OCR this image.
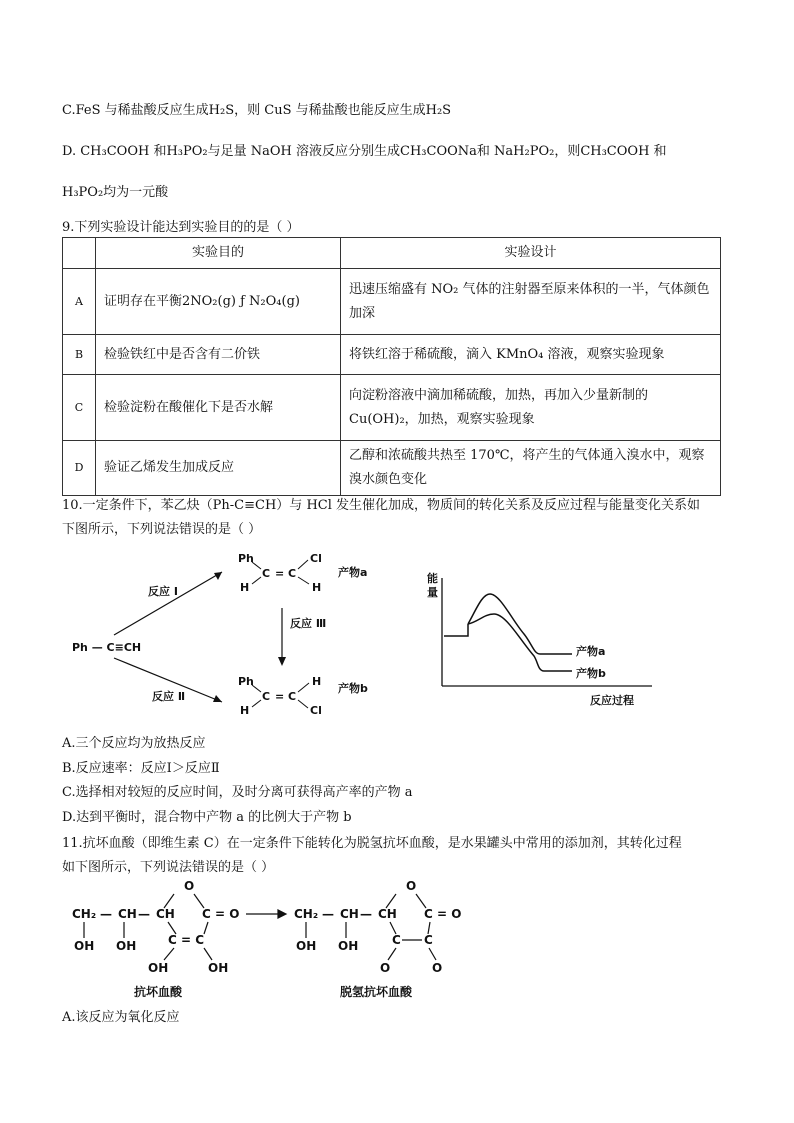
C.FeS 与稀盐酸反应生成H₂S，则 CuS 与稀盐酸也能反应生成H₂S
D. CH₃COOH 和H₃PO₂与足量 NaOH 溶液反应分别生成CH₃COONa和 NaH₂PO₂，则CH₃COOH 和
H₃PO₂均为一元酸
9.下列实验设计能达到实验目的的是（ ）
	实验目的	实验设计
A	证明存在平衡2NO₂(g) ƒ N₂O₄(g)	迅速压缩盛有 NO₂ 气体的注射器至原来体积的一半，气体颜色加深
B	检验铁红中是否含有二价铁	将铁红溶于稀硫酸，滴入 KMnO₄ 溶液，观察实验现象
C	检验淀粉在酸催化下是否水解	向淀粉溶液中滴加稀硫酸，加热，再加入少量新制的 Cu(OH)₂，加热，观察实验现象
D	验证乙烯发生加成反应	乙醇和浓硫酸共热至 170℃，将产生的气体通入溴水中，观察溴水颜色变化
10.一定条件下，苯乙炔（Ph-C≡CH）与 HCl 发生催化加成，物质间的转化关系及反应过程与能量变化关系如
下图所示，下列说法错误的是（ ）
Ph — C≡CH
反应 Ⅰ
反应 Ⅱ
反应 Ⅲ
Ph
H
Cl
H
C = C	产物a
Ph
H
H
Cl
C = C
产物b
能
量
反应过程
产物a
产物b
A.三个反应均为放热反应
B.反应速率：反应Ⅰ＞反应Ⅱ
C.选择相对较短的反应时间，及时分离可获得高产率的产物 a
D.达到平衡时，混合物中产物 a 的比例大于产物 b
11.抗坏血酸（即维生素 C）在一定条件下能转化为脱氢抗坏血酸，是水果罐头中常用的添加剂，其转化过程
如下图所示，下列说法错误的是（ ）
CH₂ — CH — CH
O
C = O
OH OH	C = C
OH	OH
抗坏血酸
CH₂ — CH — CH
O
C = O
OH OH	C C
O	O
脱氢抗坏血酸
A.该反应为氧化反应
